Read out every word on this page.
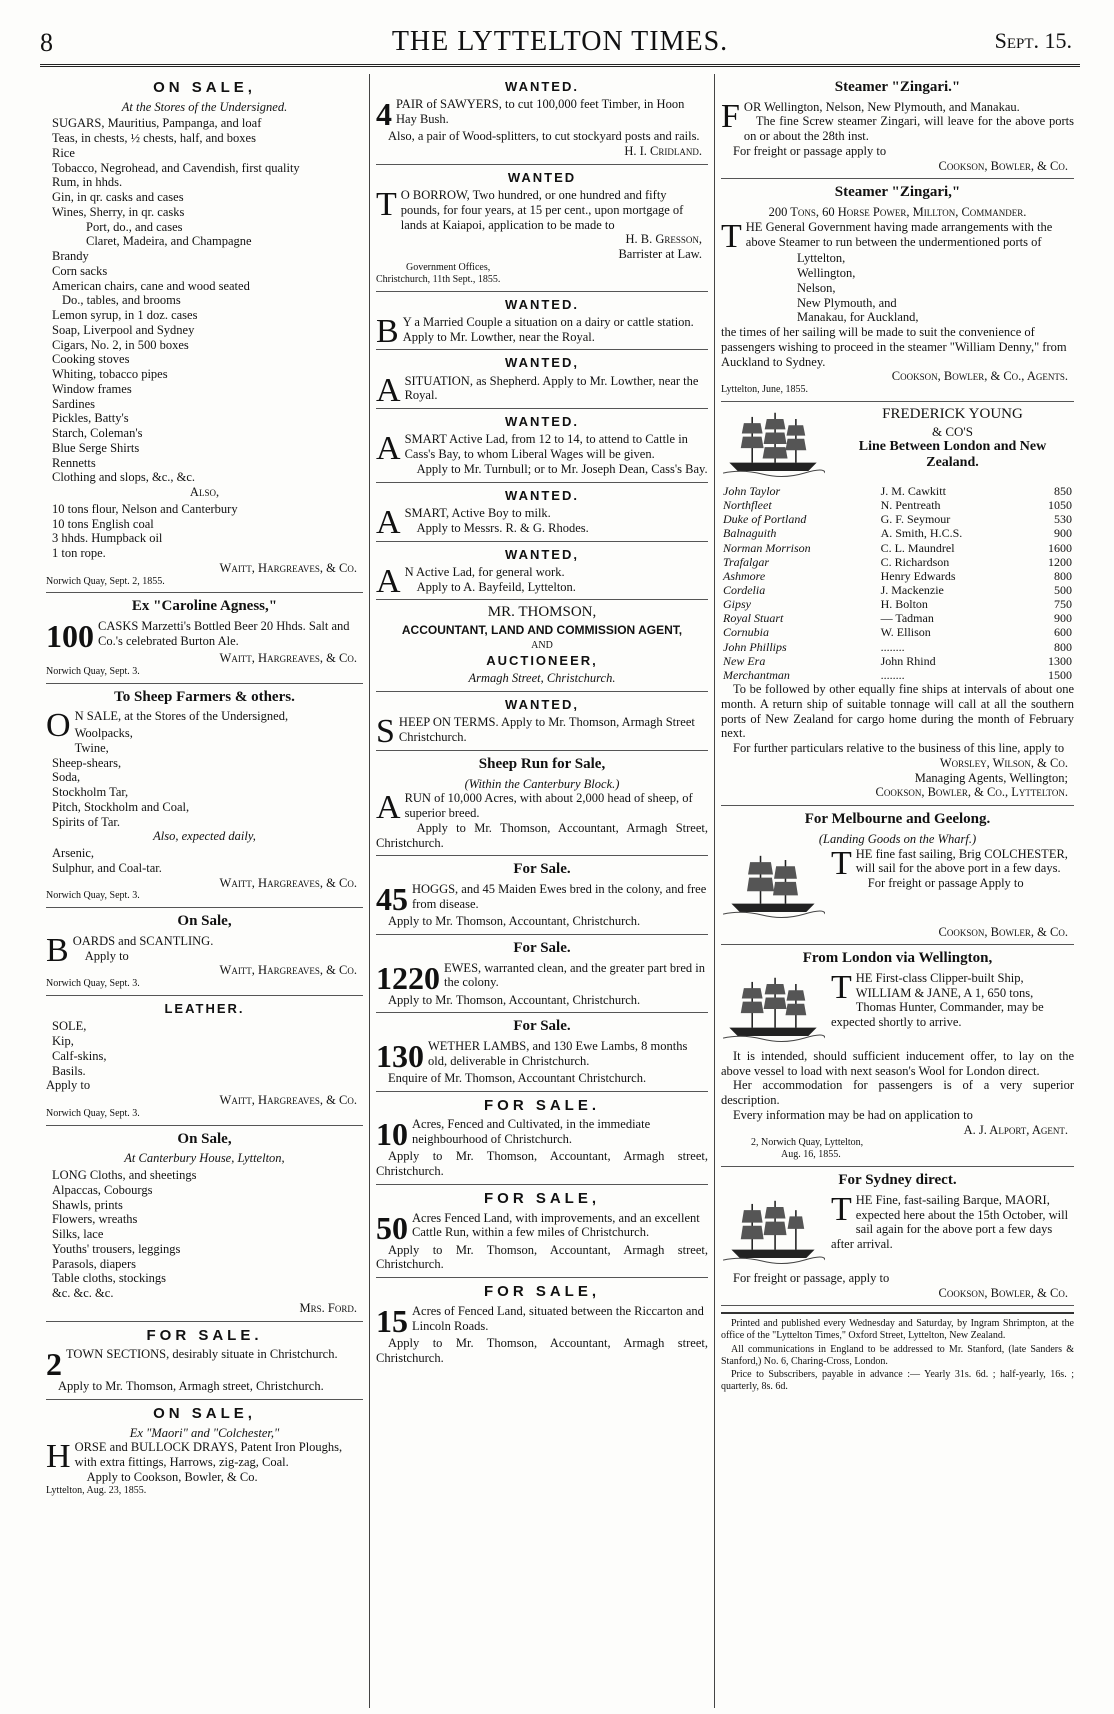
8	THE LYTTELTON TIMES.	Sept. 15.
ON SALE,
At the Stores of the Undersigned.
SUGARS, Mauritius, Pampanga, and loaf
Teas, in chests, ½ chests, half, and boxes
Rice
Tobacco, Negrohead, and Cavendish, first quality
Rum, in hhds.
Gin, in qr. casks and cases
Wines, Sherry, in qr. casks
Port, do., and cases
Claret, Madeira, and Champagne
Brandy
Corn sacks
American chairs, cane and wood seated
Do., tables, and brooms
Lemon syrup, in 1 doz. cases
Soap, Liverpool and Sydney
Cigars, No. 2, in 500 boxes
Cooking stoves
Whiting, tobacco pipes
Window frames
Sardines
Pickles, Batty's
Starch, Coleman's
Blue Serge Shirts
Rennetts
Clothing and slops, &c., &c.
Also,
10 tons flour, Nelson and Canterbury
10 tons English coal
3 hhds. Humpback oil
1 ton rope.
Waitt, Hargreaves, & Co.
Norwich Quay, Sept. 2, 1855.
Ex "Caroline Agness,"
100 CASKS Marzetti's Bottled Beer 20 Hhds. Salt and Co.'s celebrated Burton Ale.

Waitt, Hargreaves, & Co.
Norwich Quay, Sept. 3.
To Sheep Farmers & others.

O N SALE, at the Stores of the Undersigned,

Woolpacks,
Twine,
Sheep-shears,
Soda,
Stockholm Tar,
Pitch, Stockholm and Coal,
Spirits of Tar.
Also, expected daily,
Arsenic,
Sulphur, and Coal-tar.
Waitt, Hargreaves, & Co.
Norwich Quay, Sept. 3.
On Sale,

BOARDS and SCANTLING.

Apply to

Waitt, Hargreaves, & Co.
Norwich Quay, Sept. 3.
LEATHER.
SOLE,
Kip,
Calf-skins,
Basils.
Apply to
Waitt, Hargreaves, & Co.
Norwich Quay, Sept. 3.
On Sale,
At Canterbury House, Lyttelton,
LONG Cloths, and sheetings
Alpaccas, Cobourgs
Shawls, prints
Flowers, wreaths
Silks, lace
Youths' trousers, leggings
Parasols, diapers
Table cloths, stockings
&c. &c. &c.
Mrs. Ford.
FOR SALE.
2 TOWN SECTIONS, desirably situate in Christchurch.

Apply to Mr. Thomson, Armagh street, Christchurch.

ON SALE,
Ex "Maori" and "Colchester,"

HORSE and BULLOCK DRAYS, Patent Iron Ploughs, with extra fittings, Harrows, zig-zag, Coal.

Apply to Cookson, Bowler, & Co.

Lyttelton, Aug. 23, 1855.
WANTED.
4 PAIR of SAWYERS, to cut 100,000 feet Timber, in Hoon Hay Bush.

Also, a pair of Wood-splitters, to cut stockyard posts and rails.

H. I. Cridland.
WANTED

T O BORROW, Two hundred, or one hundred and fifty pounds, for four years, at 15 per cent., upon mortgage of lands at Kaiapoi, application to be made to

H. B. Gresson,
Barrister at Law.
Government Offices,
Christchurch, 11th Sept., 1855.
WANTED.

B Y a Married Couple a situation on a dairy or cattle station. Apply to Mr. Lowther, near the Royal.

WANTED,

A SITUATION, as Shepherd. Apply to Mr. Lowther, near the Royal.

WANTED.

A SMART Active Lad, from 12 to 14, to attend to Cattle in Cass's Bay, to whom Liberal Wages will be given.

Apply to Mr. Turnbull; or to Mr. Joseph Dean, Cass's Bay.

WANTED.

A SMART, Active Boy to milk.

Apply to Messrs. R. & G. Rhodes.

WANTED,

A N Active Lad, for general work.

Apply to A. Bayfeild, Lyttelton.

MR. THOMSON,
ACCOUNTANT, LAND AND COMMISSION AGENT,
AND
AUCTIONEER,
Armagh Street, Christchurch.
WANTED,

SHEEP ON TERMS. Apply to Mr. Thomson, Armagh Street Christchurch.

Sheep Run for Sale,
(Within the Canterbury Block.)

A RUN of 10,000 Acres, with about 2,000 head of sheep, of superior breed.

Apply to Mr. Thomson, Accountant, Armagh Street, Christchurch.

For Sale.
45 HOGGS, and 45 Maiden Ewes bred in the colony, and free from disease.

Apply to Mr. Thomson, Accountant, Christchurch.

For Sale.
1220 EWES, warranted clean, and the greater part bred in the colony.

Apply to Mr. Thomson, Accountant, Christchurch.

For Sale.
130 WETHER LAMBS, and 130 Ewe Lambs, 8 months old, deliverable in Christchurch.

Enquire of Mr. Thomson, Accountant Christchurch.

FOR SALE.
10 Acres, Fenced and Cultivated, in the immediate neighbourhood of Christchurch.

Apply to Mr. Thomson, Accountant, Armagh street, Christchurch.

FOR SALE,
50 Acres Fenced Land, with improvements, and an excellent Cattle Run, within a few miles of Christchurch.

Apply to Mr. Thomson, Accountant, Armagh street, Christchurch.

FOR SALE,
15 Acres of Fenced Land, situated between the Riccarton and Lincoln Roads.

Apply to Mr. Thomson, Accountant, Armagh street, Christchurch.

Steamer "Zingari."

FOR Wellington, Nelson, New Plymouth, and Manakau.

The fine Screw steamer Zingari, will leave for the above ports on or about the 28th inst.

For freight or passage apply to

Cookson, Bowler, & Co.
Steamer "Zingari,"
200 Tons, 60 Horse Power, Millton, Commander.

THE General Government having made arrangements with the above Steamer to run between the undermentioned ports of

Lyttelton,
Wellington,
Nelson,
New Plymouth, and
Manakau, for Auckland,

the times of her sailing will be made to suit the convenience of passengers wishing to proceed in the steamer "William Denny," from Auckland to Sydney.

Cookson, Bowler, & Co., Agents.
Lyttelton, June, 1855.
FREDERICK YOUNG
& CO'S
Line Between London and New Zealand.
John Taylor	J. M. Cawkitt	850
Northfleet	N. Pentreath	1050
Duke of Portland	G. F. Seymour	530
Balnaguith	A. Smith, H.C.S.	900
Norman Morrison	C. L. Maundrel	1600
Trafalgar	C. Richardson	1200
Ashmore	Henry Edwards	800
Cordelia	J. Mackenzie	500
Gipsy	H. Bolton	750
Royal Stuart	— Tadman	900
Cornubia	W. Ellison	600
John Phillips	........	800
New Era	John Rhind	1300
Merchantman	........	1500

To be followed by other equally fine ships at intervals of about one month. A return ship of suitable tonnage will call at all the southern ports of New Zealand for cargo home during the month of February next.

For further particulars relative to the business of this line, apply to

Worsley, Wilson, & Co.
Managing Agents, Wellington;
Cookson, Bowler, & Co., Lyttelton.
For Melbourne and Geelong.
(Landing Goods on the Wharf.)

THE fine fast sailing, Brig COLCHESTER, will sail for the above port in a few days.

For freight or passage Apply to

Cookson, Bowler, & Co.
From London via Wellington,

THE First-class Clipper-built Ship, WILLIAM & JANE, A 1, 650 tons, Thomas Hunter, Commander, may be expected shortly to arrive.

It is intended, should sufficient inducement offer, to lay on the above vessel to load with next season's Wool for London direct.

Her accommodation for passengers is of a very superior description.

Every information may be had on application to

A. J. Alport, Agent.
2, Norwich Quay, Lyttelton,
Aug. 16, 1855.
For Sydney direct.

THE Fine, fast-sailing Barque, MAORI, expected here about the 15th October, will sail again for the above port a few days after arrival.

For freight or passage, apply to

Cookson, Bowler, & Co.

Printed and published every Wednesday and Saturday, by Ingram Shrimpton, at the office of the "Lyttelton Times," Oxford Street, Lyttelton, New Zealand.

All communications in England to be addressed to Mr. Stanford, (late Sanders & Stanford,) No. 6, Charing-Cross, London.

Price to Subscribers, payable in advance :— Yearly 31s. 6d. ; half-yearly, 16s. ; quarterly, 8s. 6d.
